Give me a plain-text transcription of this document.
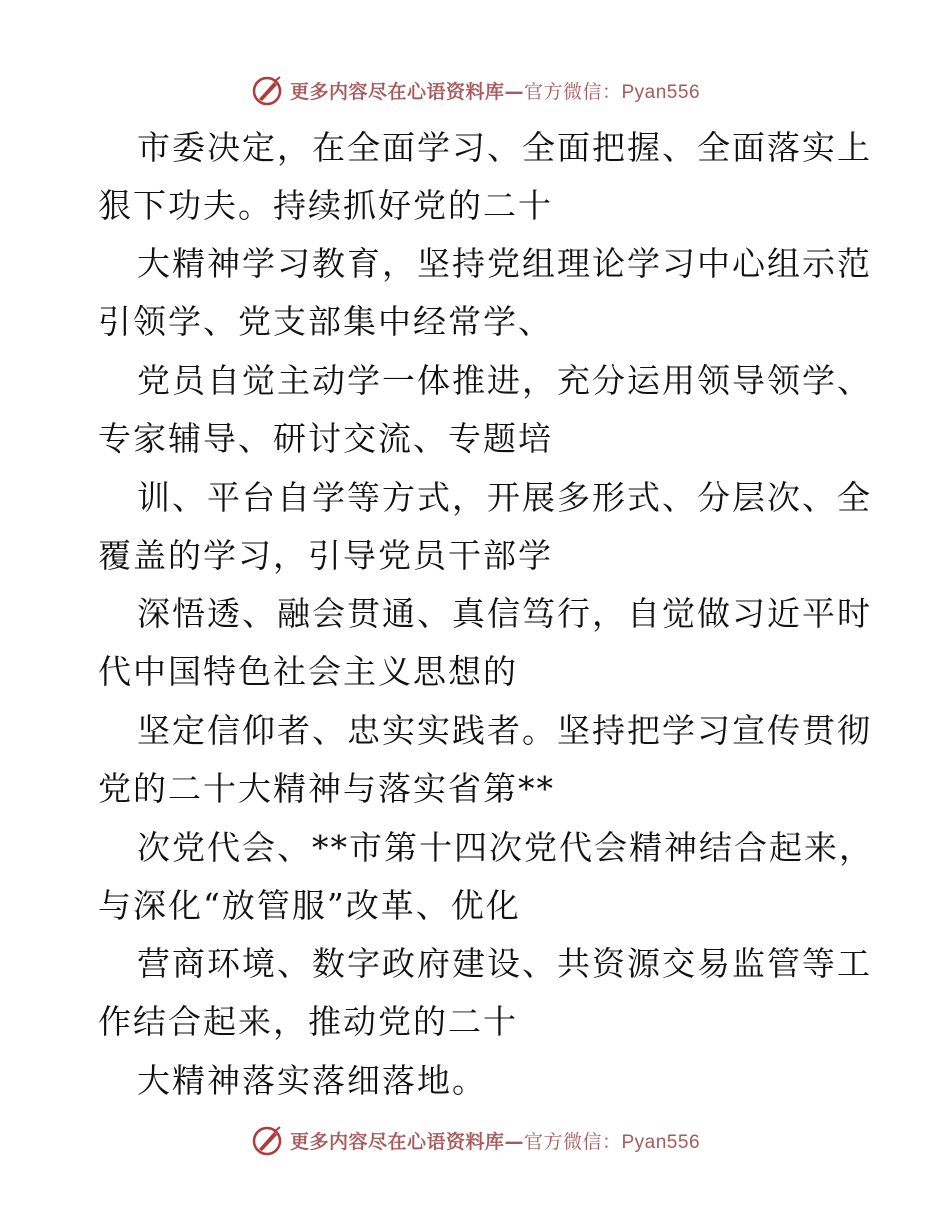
更多内容尽在心语资料库—官方微信：Pyan556
市委决定，在全面学习、全面把握、全面落实上
狠下功夫。持续抓好党的二十
大精神学习教育，坚持党组理论学习中心组示范
引领学、党支部集中经常学、
党员自觉主动学一体推进，充分运用领导领学、
专家辅导、研讨交流、专题培
训、平台自学等方式，开展多形式、分层次、全
覆盖的学习，引导党员干部学
深悟透、融会贯通、真信笃行，自觉做习近平时
代中国特色社会主义思想的
坚定信仰者、忠实实践者。坚持把学习宣传贯彻
党的二十大精神与落实省第**
次党代会、**市第十四次党代会精神结合起来，
与深化“放管服”改革、优化
营商环境、数字政府建设、共资源交易监管等工
作结合起来，推动党的二十
大精神落实落细落地。
更多内容尽在心语资料库—官方微信：Pyan556
